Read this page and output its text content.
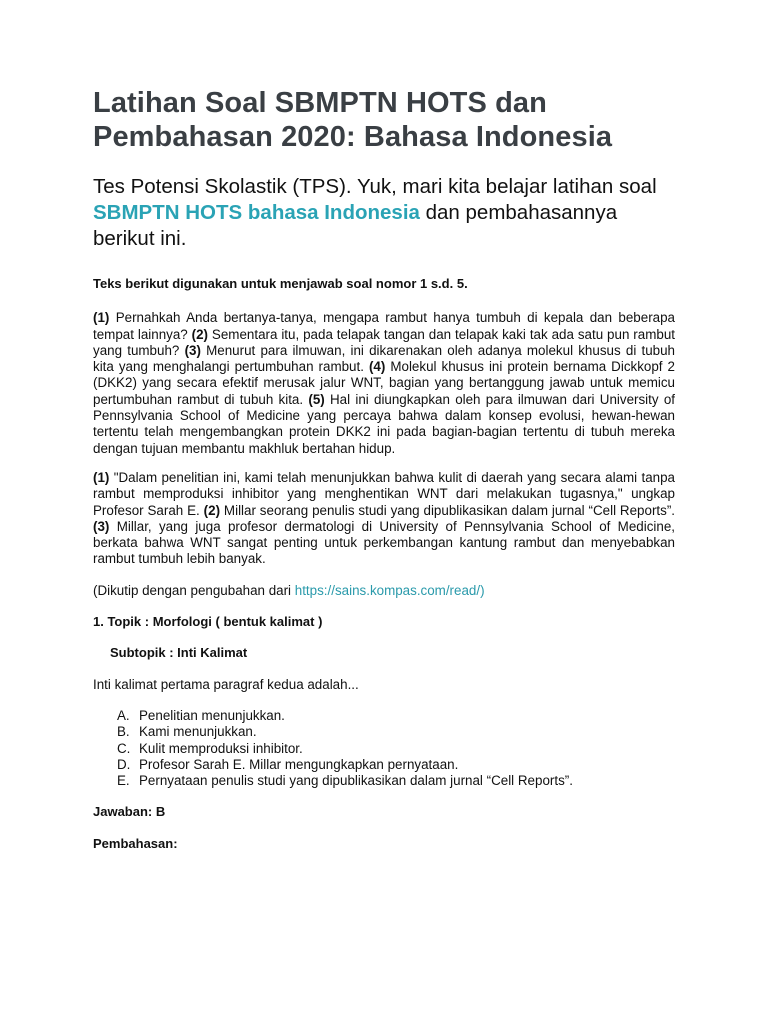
Latihan Soal SBMPTN HOTS dan
Pembahasan 2020: Bahasa Indonesia

Tes Potensi Skolastik (TPS). Yuk, mari kita belajar latihan soal SBMPTN HOTS bahasa Indonesia dan pembahasannya berikut ini.

Teks berikut digunakan untuk menjawab soal nomor 1 s.d. 5.

(1) Pernahkah Anda bertanya-tanya, mengapa rambut hanya tumbuh di kepala dan beberapa tempat lainnya? (2) Sementara itu, pada telapak tangan dan telapak kaki tak ada satu pun rambut yang tumbuh? (3) Menurut para ilmuwan, ini dikarenakan oleh adanya molekul khusus di tubuh kita yang menghalangi pertumbuhan rambut. (4) Molekul khusus ini protein bernama Dickkopf 2 (DKK2) yang secara efektif merusak jalur WNT, bagian yang bertanggung jawab untuk memicu pertumbuhan rambut di tubuh kita. (5) Hal ini diungkapkan oleh para ilmuwan dari University of Pennsylvania School of Medicine yang percaya bahwa dalam konsep evolusi, hewan-hewan tertentu telah mengembangkan protein DKK2 ini pada bagian-bagian tertentu di tubuh mereka dengan tujuan membantu makhluk bertahan hidup.

(1) "Dalam penelitian ini, kami telah menunjukkan bahwa kulit di daerah yang secara alami tanpa rambut memproduksi inhibitor yang menghentikan WNT dari melakukan tugasnya," ungkap Profesor Sarah E. (2) Millar seorang penulis studi yang dipublikasikan dalam jurnal “Cell Reports”. (3) Millar, yang juga profesor dermatologi di University of Pennsylvania School of Medicine, berkata bahwa WNT sangat penting untuk perkembangan kantung rambut dan menyebabkan rambut tumbuh lebih banyak.

(Dikutip dengan pengubahan dari https://sains.kompas.com/read/)

1. Topik : Morfologi ( bentuk kalimat )

Subtopik : Inti Kalimat

Inti kalimat pertama paragraf kedua adalah...

A. Penelitian menunjukkan.
B. Kami menunjukkan.
C. Kulit memproduksi inhibitor.
D. Profesor Sarah E. Millar mengungkapkan pernyataan.
E. Pernyataan penulis studi yang dipublikasikan dalam jurnal “Cell Reports”.

Jawaban: B

Pembahasan:
